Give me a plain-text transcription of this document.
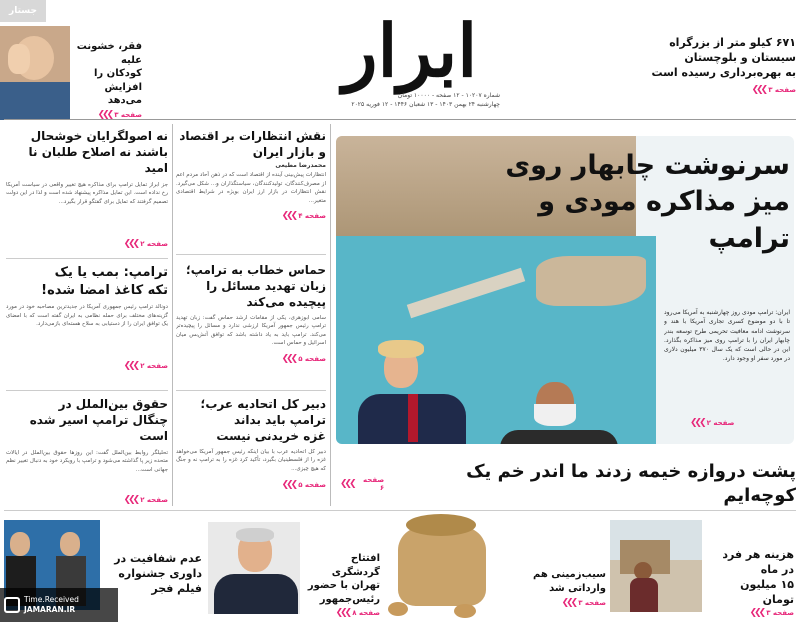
جستار	ابرار
شماره ۱۰۲۰۷ - ۱۲ صفحه - ۱۰۰۰۰ تومان
چهارشنبه ۲۴ بهمن ۱۴۰۳ - ۱۳ شعبان ۱۴۴۶ - ۱۲ فوریه ۲۰۲۵
فقر، خشونت علیه
کودکان را
افزایش می‌دهد
صفحه ۳
❯❯❯
۶۷۱ کیلو متر از بزرگراه
سیستان و بلوچستان
به بهره‌برداری رسیده است
صفحه ۳
❯❯❯
سرنوشت چابهار روی
میز مذاکره مودی و ترامپ
ایران: ترامپ مودی روز چهارشنبه به آمریکا می‌رود تا با دو موضوع کسری تجاری آمریکا با هند و سرنوشت ادامه معافیت تحریمی طرح توسعه بندر چابهار ایران را با ترامپ روی میز مذاکره بگذارد. این در حالی است که یک سال ۳۷۰ میلیون دلاری در مورد سفر او وجود دارد.
صفحه ۲
❯❯❯
پشت دروازه خیمه زدند ما اندر خم یک کوچه‌ایم
صفحه ۶
❯❯❯
نقش انتظارات بر اقتصاد
و بازار ایران
محمدرضا مطیعی
انتظارات پیش‌بینی آینده از اقتصاد است که در ذهن آحاد مردم اعم از مصرف‌کنندگان، تولیدکنندگان، سیاستگذاران و... شکل می‌گیرد. نقش انتظارات در بازار ارز ایران بویژه در شرایط اقتصادی متغیر...
صفحه ۴
❯❯❯
حماس خطاب به ترامپ؛
زبان تهدید مسائل را
پیچیده می‌کند
سامی ابوزهری، یکی از مقامات ارشد حماس گفت: زبان تهدید ترامپ رئیس جمهور آمریکا ارزشی ندارد و مسائل را پیچیده‌تر می‌کند. ترامپ باید به یاد داشته باشد که توافق آتش‌بس میان اسرائیل و حماس است.
صفحه ۵
❯❯❯
دبیر کل اتحادیه عرب؛
ترامپ باید بداند
غزه خریدنی نیست
دبیر کل اتحادیه عرب با بیان اینکه رئیس جمهور آمریکا می‌خواهد غزه را از فلسطینیان بگیرد، تأکید کرد غزه را به ترامپ نه و جنگ که هیچ چیزی...
صفحه ۵
❯❯❯
نه اصولگرایان خوشحال
باشند نه اصلاح طلبان نا امید
جز ابراز تمایل ترامپ برای مذاکره هیچ تغییر واقعی در سیاست آمریکا رخ نداده است. این تمایل مذاکره پیشنهاد شده است و لذا در این دولت تصمیم گرفتند که تمایل برای گفتگو قرار بگیرد...
صفحه ۲
❯❯❯
ترامپ: بمب یا یک
تکه کاغذ امضا شده!
دونالد ترامپ رئیس جمهوری آمریکا در جدیدترین مصاحبه خود در مورد گزینه‌های مختلف برای حمله نظامی به ایران گفته است که با امضای یک توافق ایران را از دستیابی به سلاح هسته‌ای بازمی‌دارد.
صفحه ۲
❯❯❯
حقوق بین‌الملل در
چنگال ترامپ اسیر شده است
تحلیلگر روابط بین‌الملل گفت: این روزها حقوق بین‌الملل در ایالات متحده زیر پا گذاشته می‌شود و ترامپ با رویکرد خود به دنبال تغییر نظم جهانی است...
صفحه ۲
❯❯❯
هزینه هر فرد
در ماه
۱۵ میلیون تومان
صفحه ۳
❯❯❯
سیب‌زمینی هم
وارداتی شد
صفحه ۳
❯❯❯
افتتاح گردشگری
تهران با حضور
رئیس‌جمهور
صفحه ۸
❯❯❯
عدم شفافیت در
داوری جشنواره
فیلم فجر
Time.Received
JAMARAN.IR
